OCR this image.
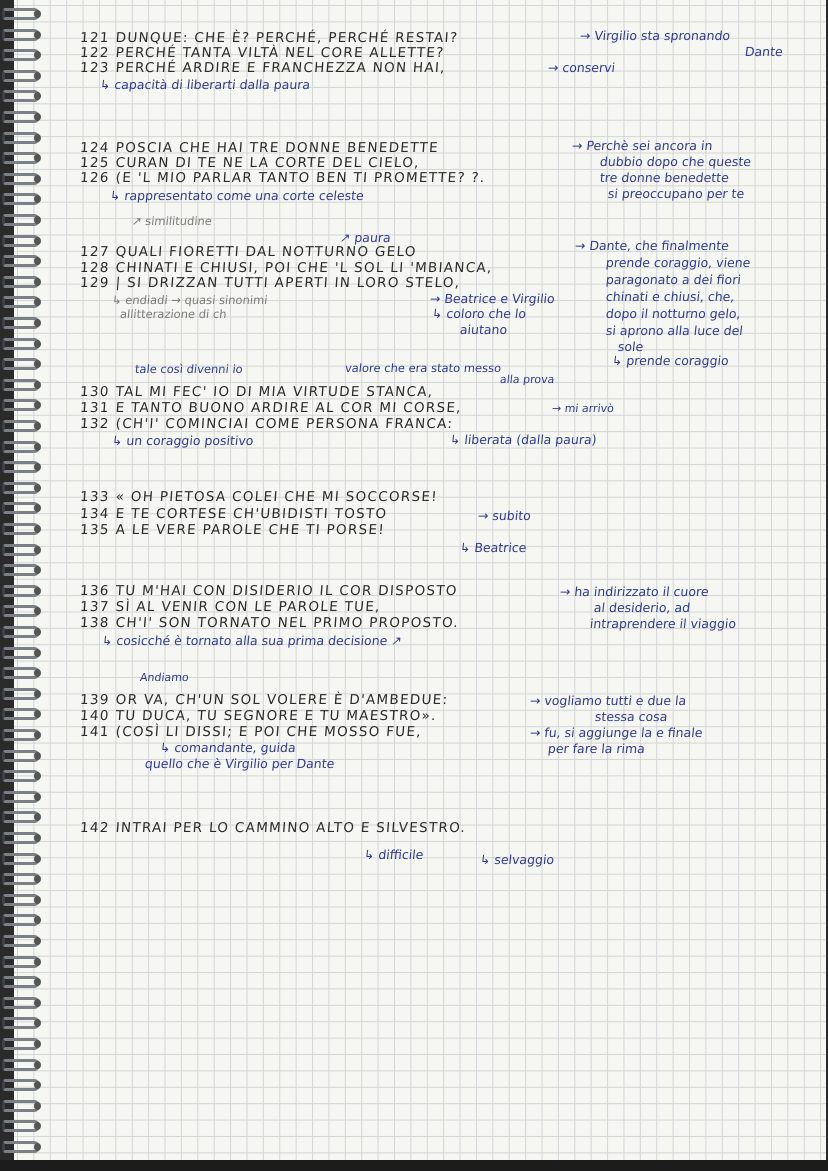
121 DUNQUE: CHE È? PERCHÉ, PERCHÉ RESTAI?
122 PERCHÉ TANTA VILTÀ NEL CORE ALLETTE?
123 PERCHÉ ARDIRE E FRANCHEZZA NON HAI,
124 POSCIA CHE HAI TRE DONNE BENEDETTE
125 CURAN DI TE NE LA CORTE DEL CIELO,
126 (E 'L MIO PARLAR TANTO BEN TI PROMETTE? ?.
127 QUALI FIORETTI DAL NOTTURNO GELO
128 CHINATI E CHIUSI, POI CHE 'L SOL LI 'MBIANCA,
129 | SI DRIZZAN TUTTI APERTI IN LORO STELO,
130 TAL MI FEC' IO DI MIA VIRTUDE STANCA,
131 E TANTO BUONO ARDIRE AL COR MI CORSE,
132 (CH'I' COMINCIAI COME PERSONA FRANCA:
133 « OH PIETOSA COLEI CHE MI SOCCORSE!
134 E TE CORTESE CH'UBIDISTI TOSTO
135 A LE VERE PAROLE CHE TI PORSE!
136 TU M'HAI CON DISIDERIO IL COR DISPOSTO
137 SÌ AL VENIR CON LE PAROLE TUE,
138 CH'I' SON TORNATO NEL PRIMO PROPOSTO.
139 OR VA, CH'UN SOL VOLERE È D'AMBEDUE:
140 TU DUCA, TU SEGNORE E TU MAESTRO».
141 (COSÌ LI DISSI; E POI CHE MOSSO FUE,
142 INTRAI PER LO CAMMINO ALTO E SILVESTRO.
→ Virgilio sta spronando
Dante
→ conservi
↳ capacità di liberarti dalla paura
→ Perchè sei ancora in
dubbio dopo che queste
tre donne benedette
si preoccupano per te
↳ rappresentato come una corte celeste
↗ similitudine
↗ paura
↳ endiadi → quasi sinonimi
allitterazione di ch
→ Beatrice e Virgilio
↳ coloro che lo
aiutano
→ Dante, che finalmente
prende coraggio, viene
paragonato a dei fiori
chinati e chiusi, che,
dopo il notturno gelo,
si aprono alla luce del
sole
↳ prende coraggio
tale così divenni io	valore che era stato messo
alla prova
→ mi arrivò
↳ un coraggio positivo	↳ liberata (dalla paura)
→ subito
↳ Beatrice
→ ha indirizzato il cuore
al desiderio, ad
intraprendere il viaggio
↳ cosicché è tornato alla sua prima decisione ↗
Andiamo
→ vogliamo tutti e due la
stessa cosa
→ fu, si aggiunge la e finale
per fare la rima
↳ comandante, guida
quello che è Virgilio per Dante
↳ difficile	↳ selvaggio
